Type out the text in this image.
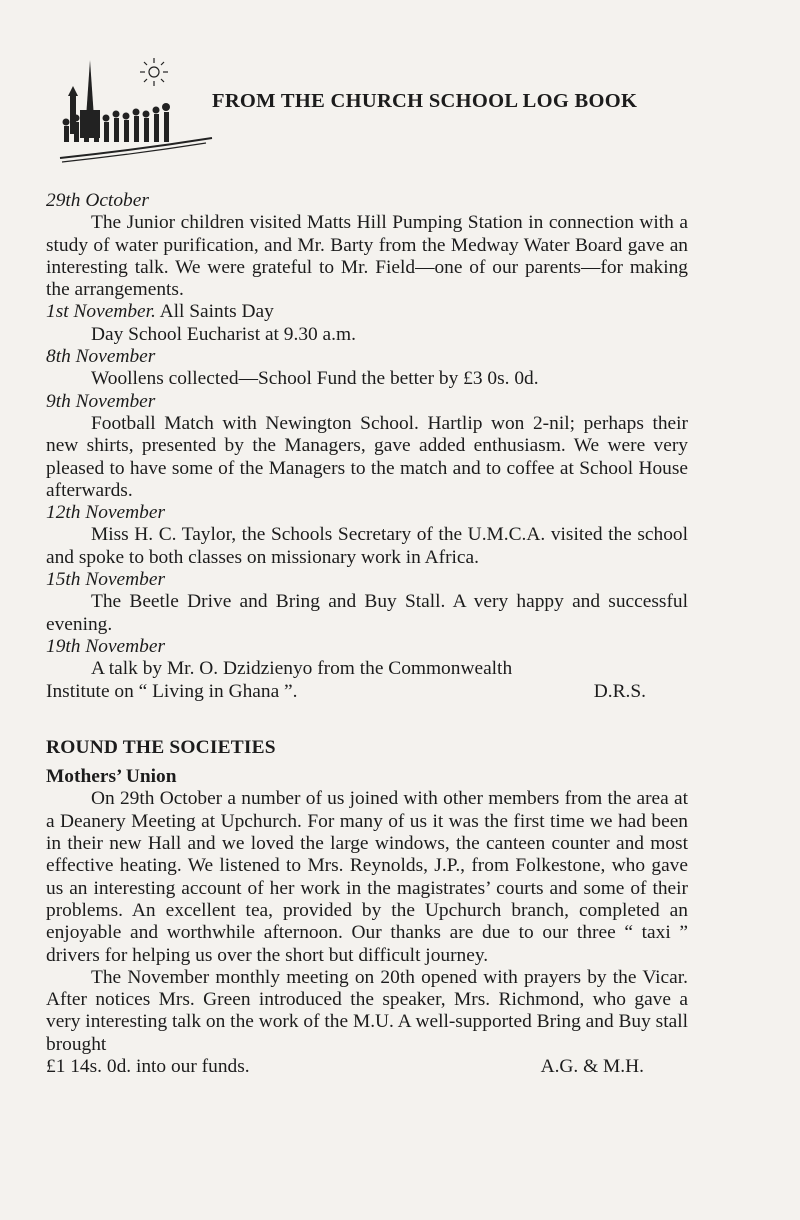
FROM THE CHURCH SCHOOL LOG BOOK
29th October

The Junior children visited Matts Hill Pumping Station in connection with a study of water purification, and Mr. Barty from the Medway Water Board gave an interesting talk. We were grateful to Mr. Field—one of our parents—for making the arrangements.

1st November. All Saints Day

Day School Eucharist at 9.30 a.m.

8th November

Woollens collected—School Fund the better by £3 0s. 0d.

9th November

Football Match with Newington School. Hartlip won 2-nil; perhaps their new shirts, presented by the Managers, gave added enthusiasm. We were very pleased to have some of the Managers to the match and to coffee at School House afterwards.

12th November

Miss H. C. Taylor, the Schools Secretary of the U.M.C.A. visited the school and spoke to both classes on missionary work in Africa.

15th November

The Beetle Drive and Bring and Buy Stall. A very happy and successful evening.

19th November

A talk by Mr. O. Dzidzienyo from the Commonwealth

Institute on “ Living in Ghana ”.	D.R.S.
ROUND THE SOCIETIES
Mothers’ Union

On 29th October a number of us joined with other members from the area at a Deanery Meeting at Upchurch. For many of us it was the first time we had been in their new Hall and we loved the large windows, the canteen counter and most effective heating. We listened to Mrs. Reynolds, J.P., from Folkestone, who gave us an interesting account of her work in the magistrates’ courts and some of their problems. An excellent tea, provided by the Upchurch branch, completed an enjoyable and worthwhile afternoon. Our thanks are due to our three “ taxi ” drivers for helping us over the short but difficult journey.

The November monthly meeting on 20th opened with prayers by the Vicar. After notices Mrs. Green introduced the speaker, Mrs. Richmond, who gave a very interesting talk on the work of the M.U. A well-supported Bring and Buy stall brought

£1 14s. 0d. into our funds.	A.G. & M.H.
